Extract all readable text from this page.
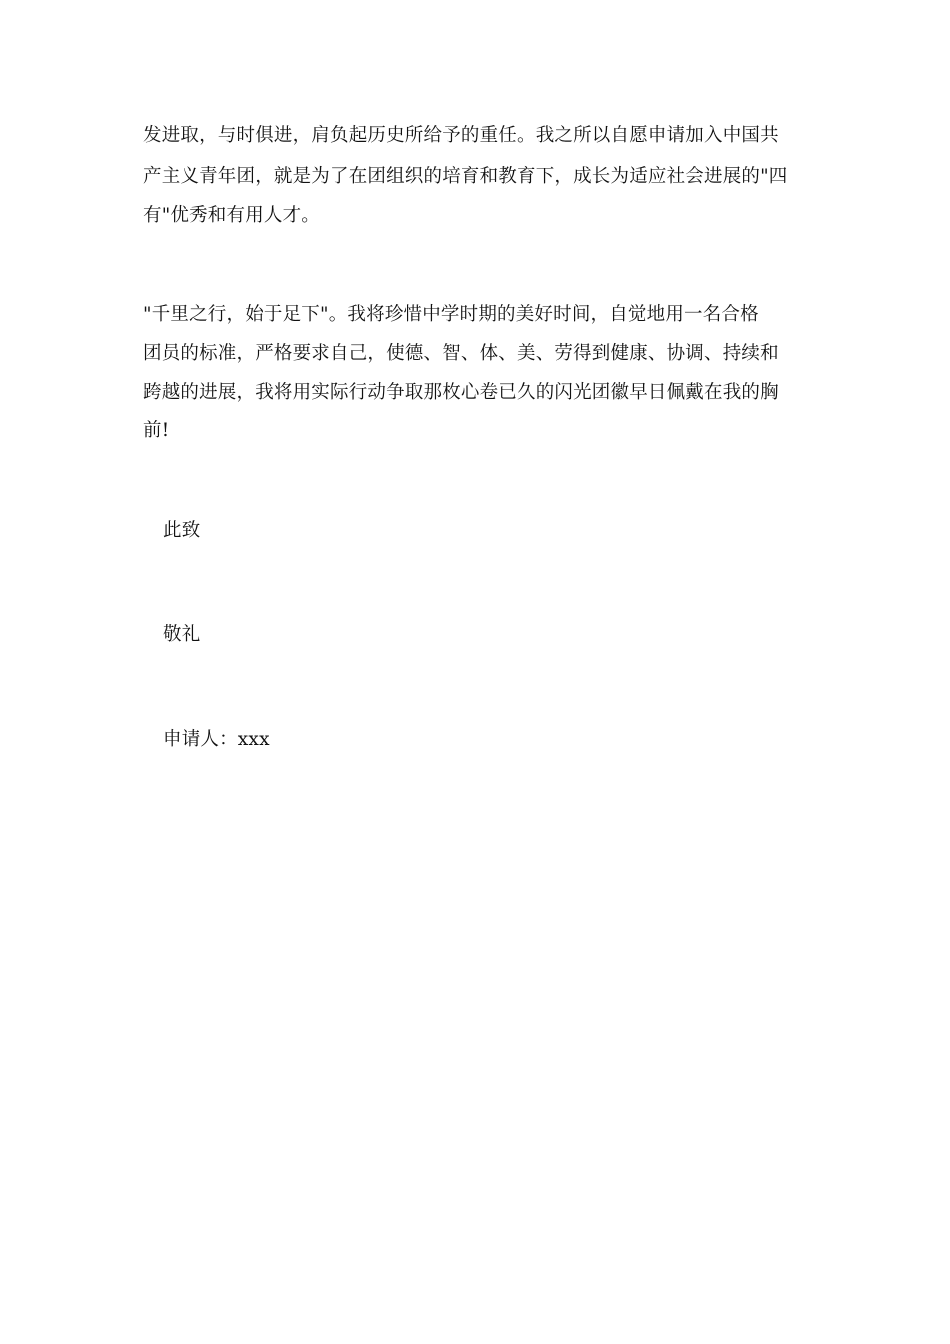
发进取，与时俱进，肩负起历史所给予的重任。我之所以自愿申请加入中国共
产主义青年团，就是为了在团组织的培育和教育下，成长为适应社会进展的"四
有"优秀和有用人才。
"千里之行，始于足下"。我将珍惜中学时期的美好时间，自觉地用一名合格
团员的标准，严格要求自己，使德、智、体、美、劳得到健康、协调、持续和
跨越的进展，我将用实际行动争取那枚心卷已久的闪光团徽早日佩戴在我的胸
前!
此致
敬礼
申请人：xxx
